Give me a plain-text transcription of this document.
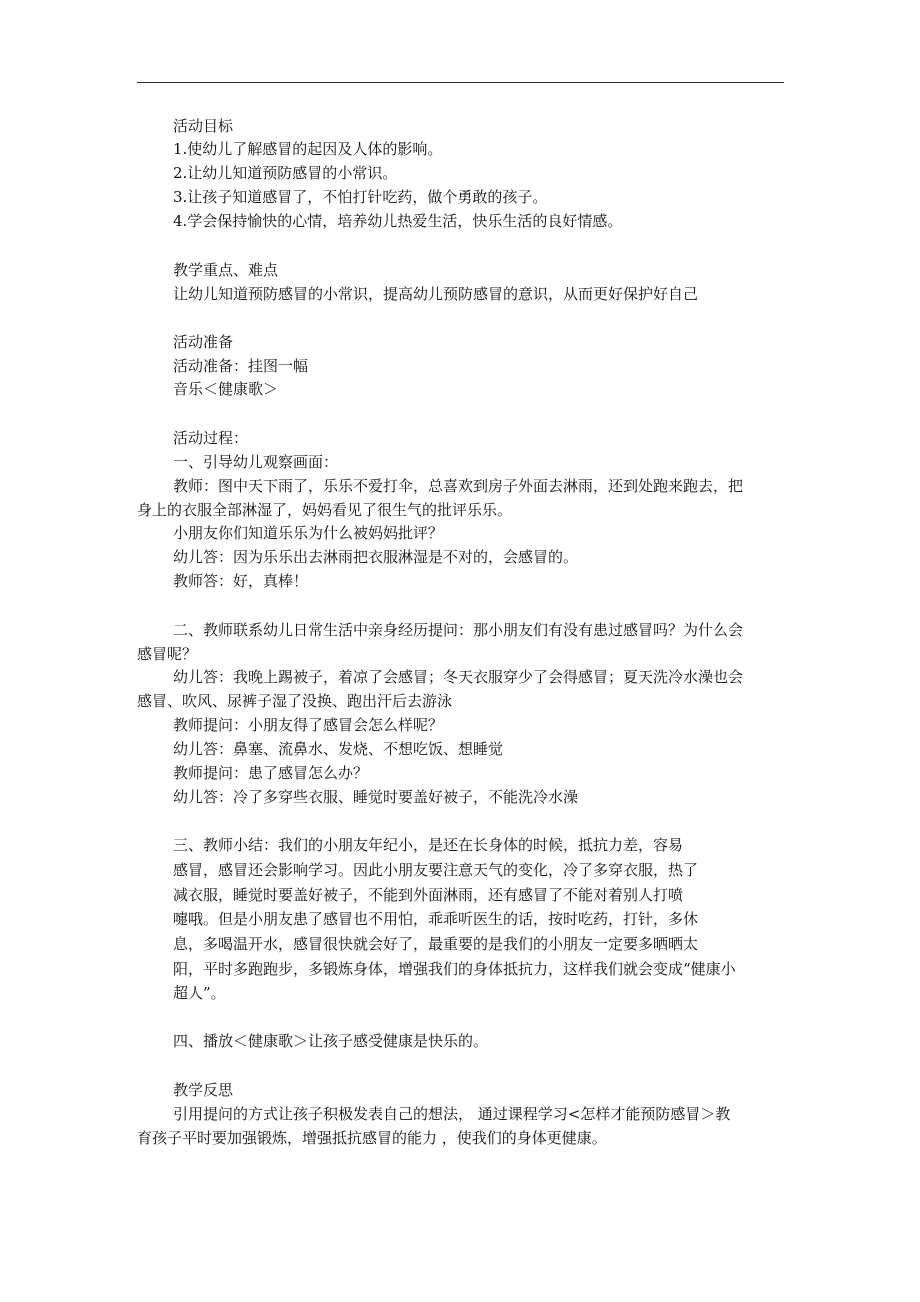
活动目标
1.使幼儿了解感冒的起因及人体的影响。
2.让幼儿知道预防感冒的小常识。
3.让孩子知道感冒了，不怕打针吃药，做个勇敢的孩子。
4.学会保持愉快的心情，培养幼儿热爱生活，快乐生活的良好情感。
教学重点、难点
让幼儿知道预防感冒的小常识，提高幼儿预防感冒的意识，从而更好保护好自己
活动准备
活动准备：挂图一幅
音乐＜健康歌＞
活动过程：
一、引导幼儿观察画面：
教师：图中天下雨了，乐乐不爱打伞，总喜欢到房子外面去淋雨，还到处跑来跑去，把
身上的衣服全部淋湿了，妈妈看见了很生气的批评乐乐。
小朋友你们知道乐乐为什么被妈妈批评？
幼儿答：因为乐乐出去淋雨把衣服淋湿是不对的，会感冒的。
教师答：好，真棒！
二、教师联系幼儿日常生活中亲身经历提问：那小朋友们有没有患过感冒吗？为什么会
感冒呢？
幼儿答：我晚上踢被子，着凉了会感冒；冬天衣服穿少了会得感冒；夏天洗冷水澡也会
感冒、吹风、尿裤子湿了没换、跑出汗后去游泳
教师提问：小朋友得了感冒会怎么样呢？
幼儿答：鼻塞、流鼻水、发烧、不想吃饭、想睡觉
教师提问：患了感冒怎么办？
幼儿答：冷了多穿些衣服、睡觉时要盖好被子，不能洗冷水澡
三、教师小结：我们的小朋友年纪小，是还在长身体的时候，抵抗力差，容易
感冒，感冒还会影响学习。因此小朋友要注意天气的变化，冷了多穿衣服，热了
减衣服，睡觉时要盖好被子，不能到外面淋雨，还有感冒了不能对着别人打喷
嚏哦。但是小朋友患了感冒也不用怕，乖乖听医生的话，按时吃药，打针，多休
息，多喝温开水，感冒很快就会好了，最重要的是我们的小朋友一定要多晒晒太
阳，平时多跑跑步，多锻炼身体，增强我们的身体抵抗力，这样我们就会变成“健康小
超人”。
四、播放＜健康歌＞让孩子感受健康是快乐的。
教学反思
引用提问的方式让孩子积极发表自己的想法， 通过课程学习<怎样才能预防感冒＞教
育孩子平时要加强锻炼，增强抵抗感冒的能力 ，使我们的身体更健康。
